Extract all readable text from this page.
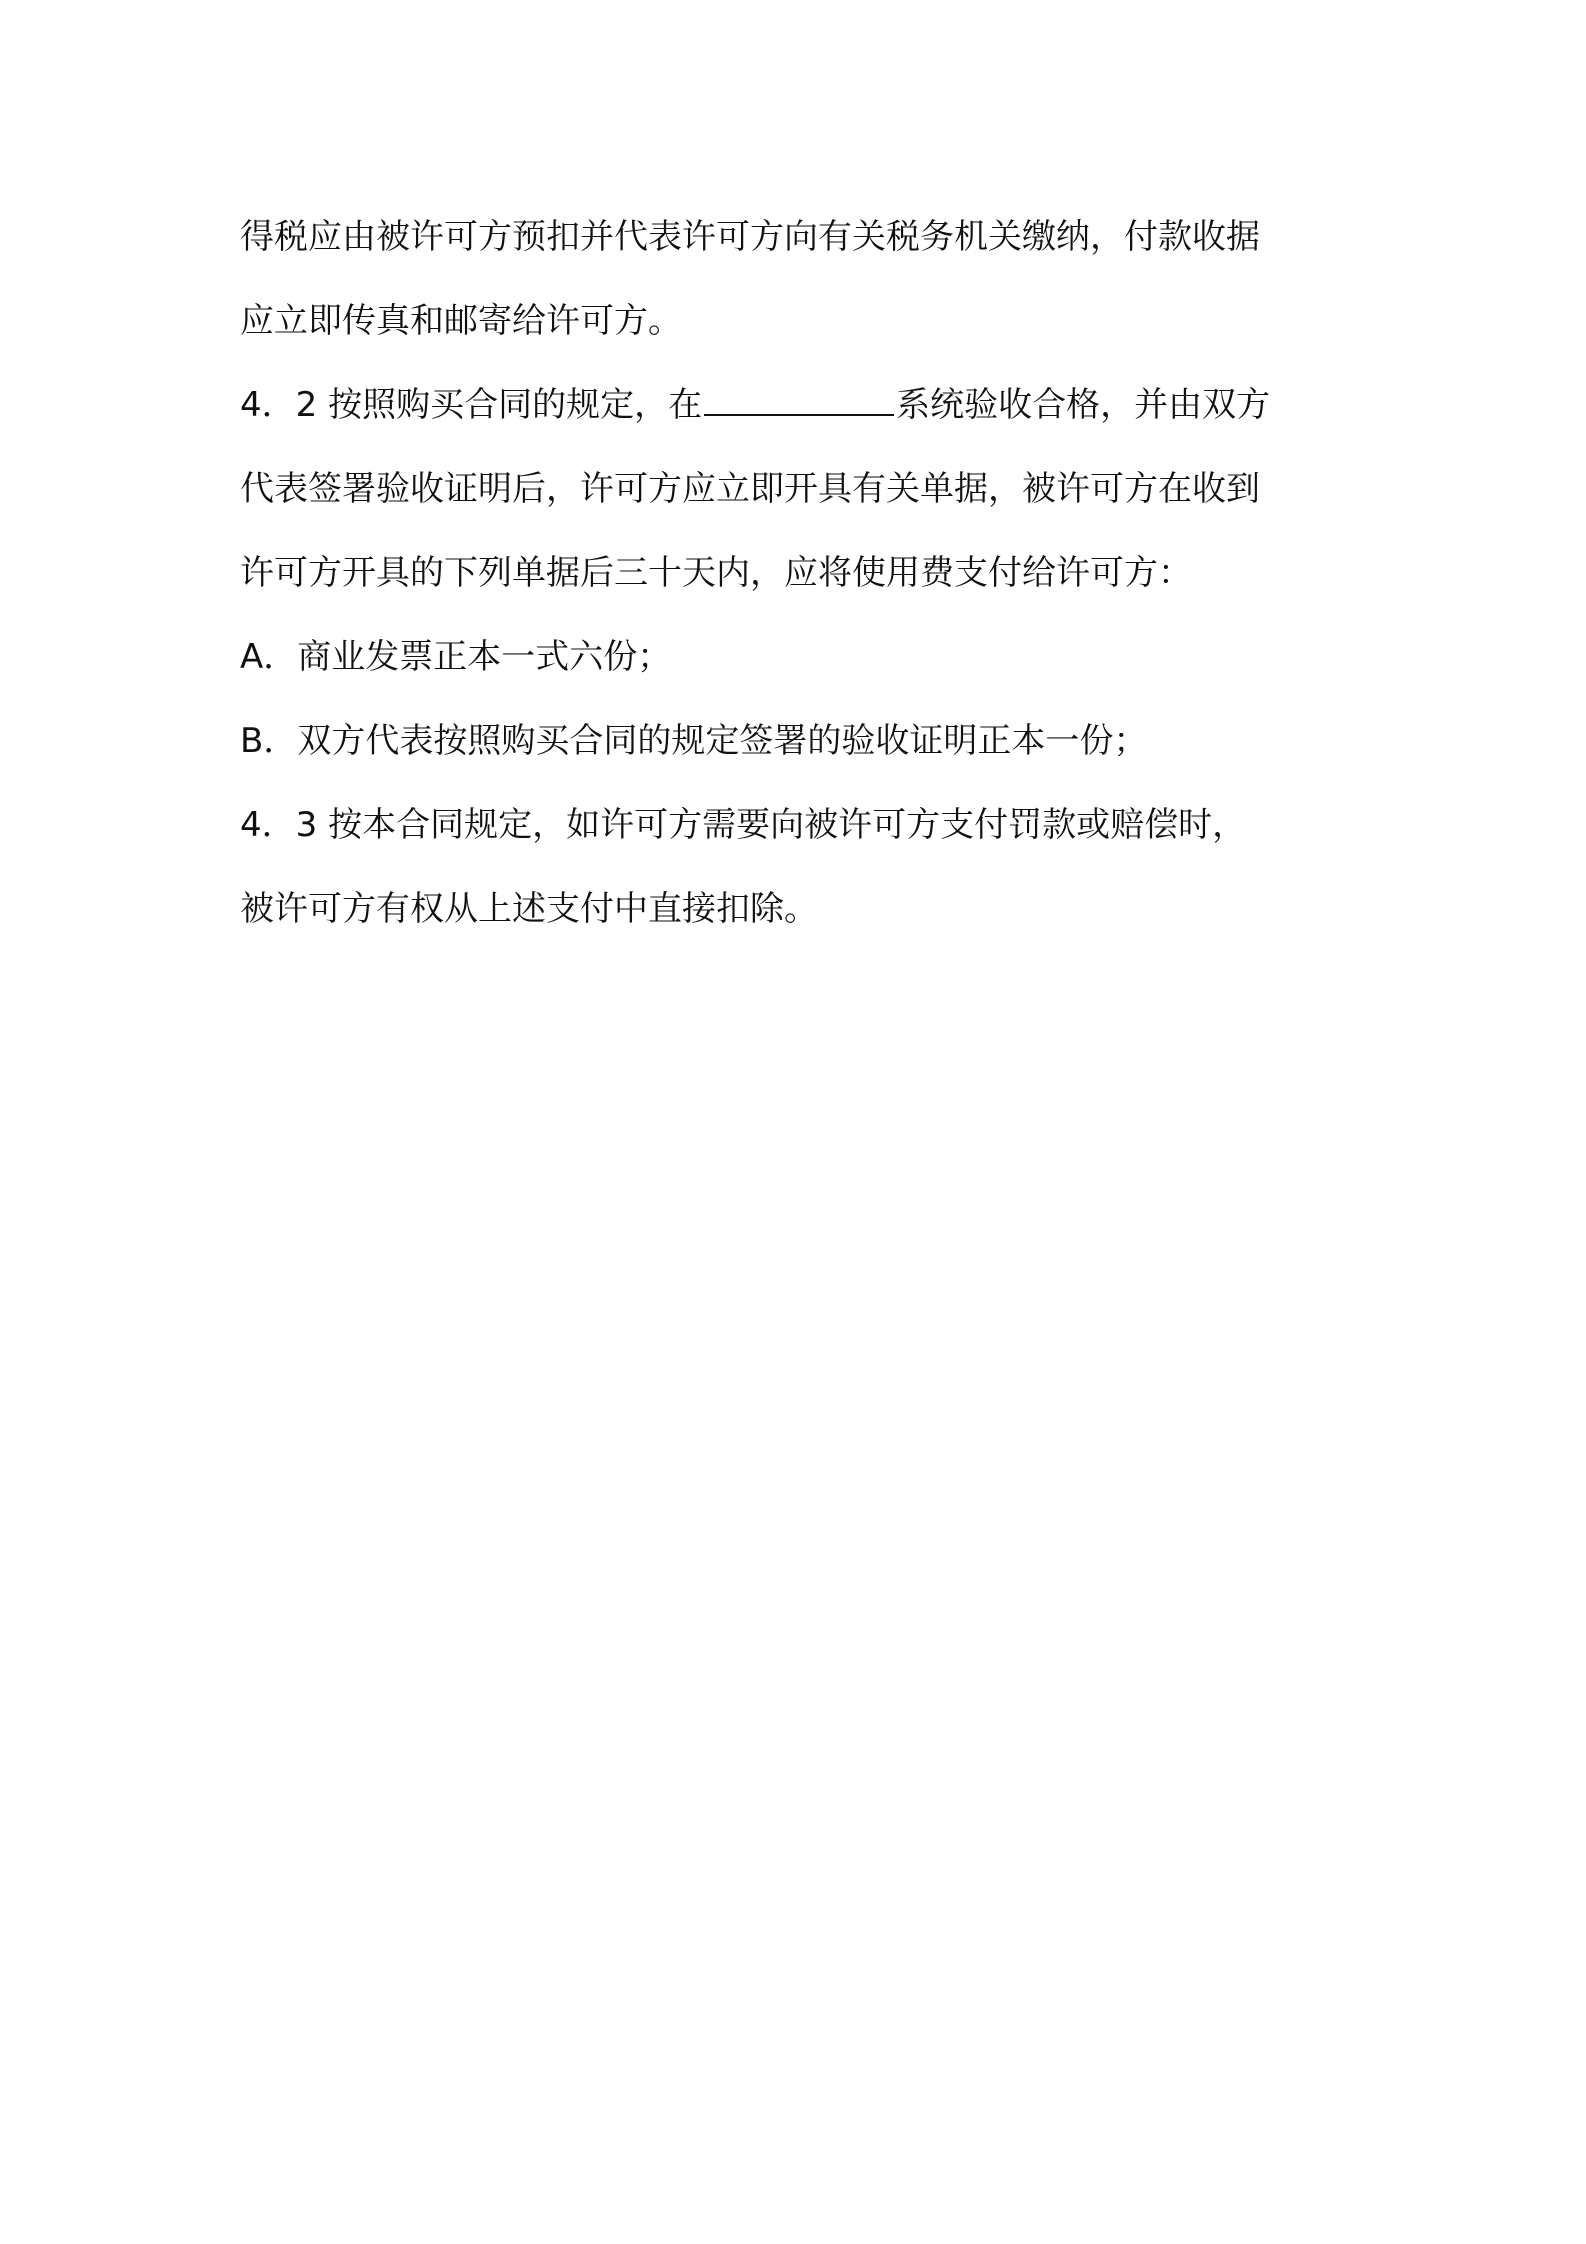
得税应由被许可方预扣并代表许可方向有关税务机关缴纳，付款收据
应立即传真和邮寄给许可方。
4．2 按照购买合同的规定，在	系统验收合格，并由双方
代表签署验收证明后，许可方应立即开具有关单据，被许可方在收到
许可方开具的下列单据后三十天内，应将使用费支付给许可方：
A．商业发票正本一式六份；
B．双方代表按照购买合同的规定签署的验收证明正本一份；
4．3 按本合同规定，如许可方需要向被许可方支付罚款或赔偿时，
被许可方有权从上述支付中直接扣除。
